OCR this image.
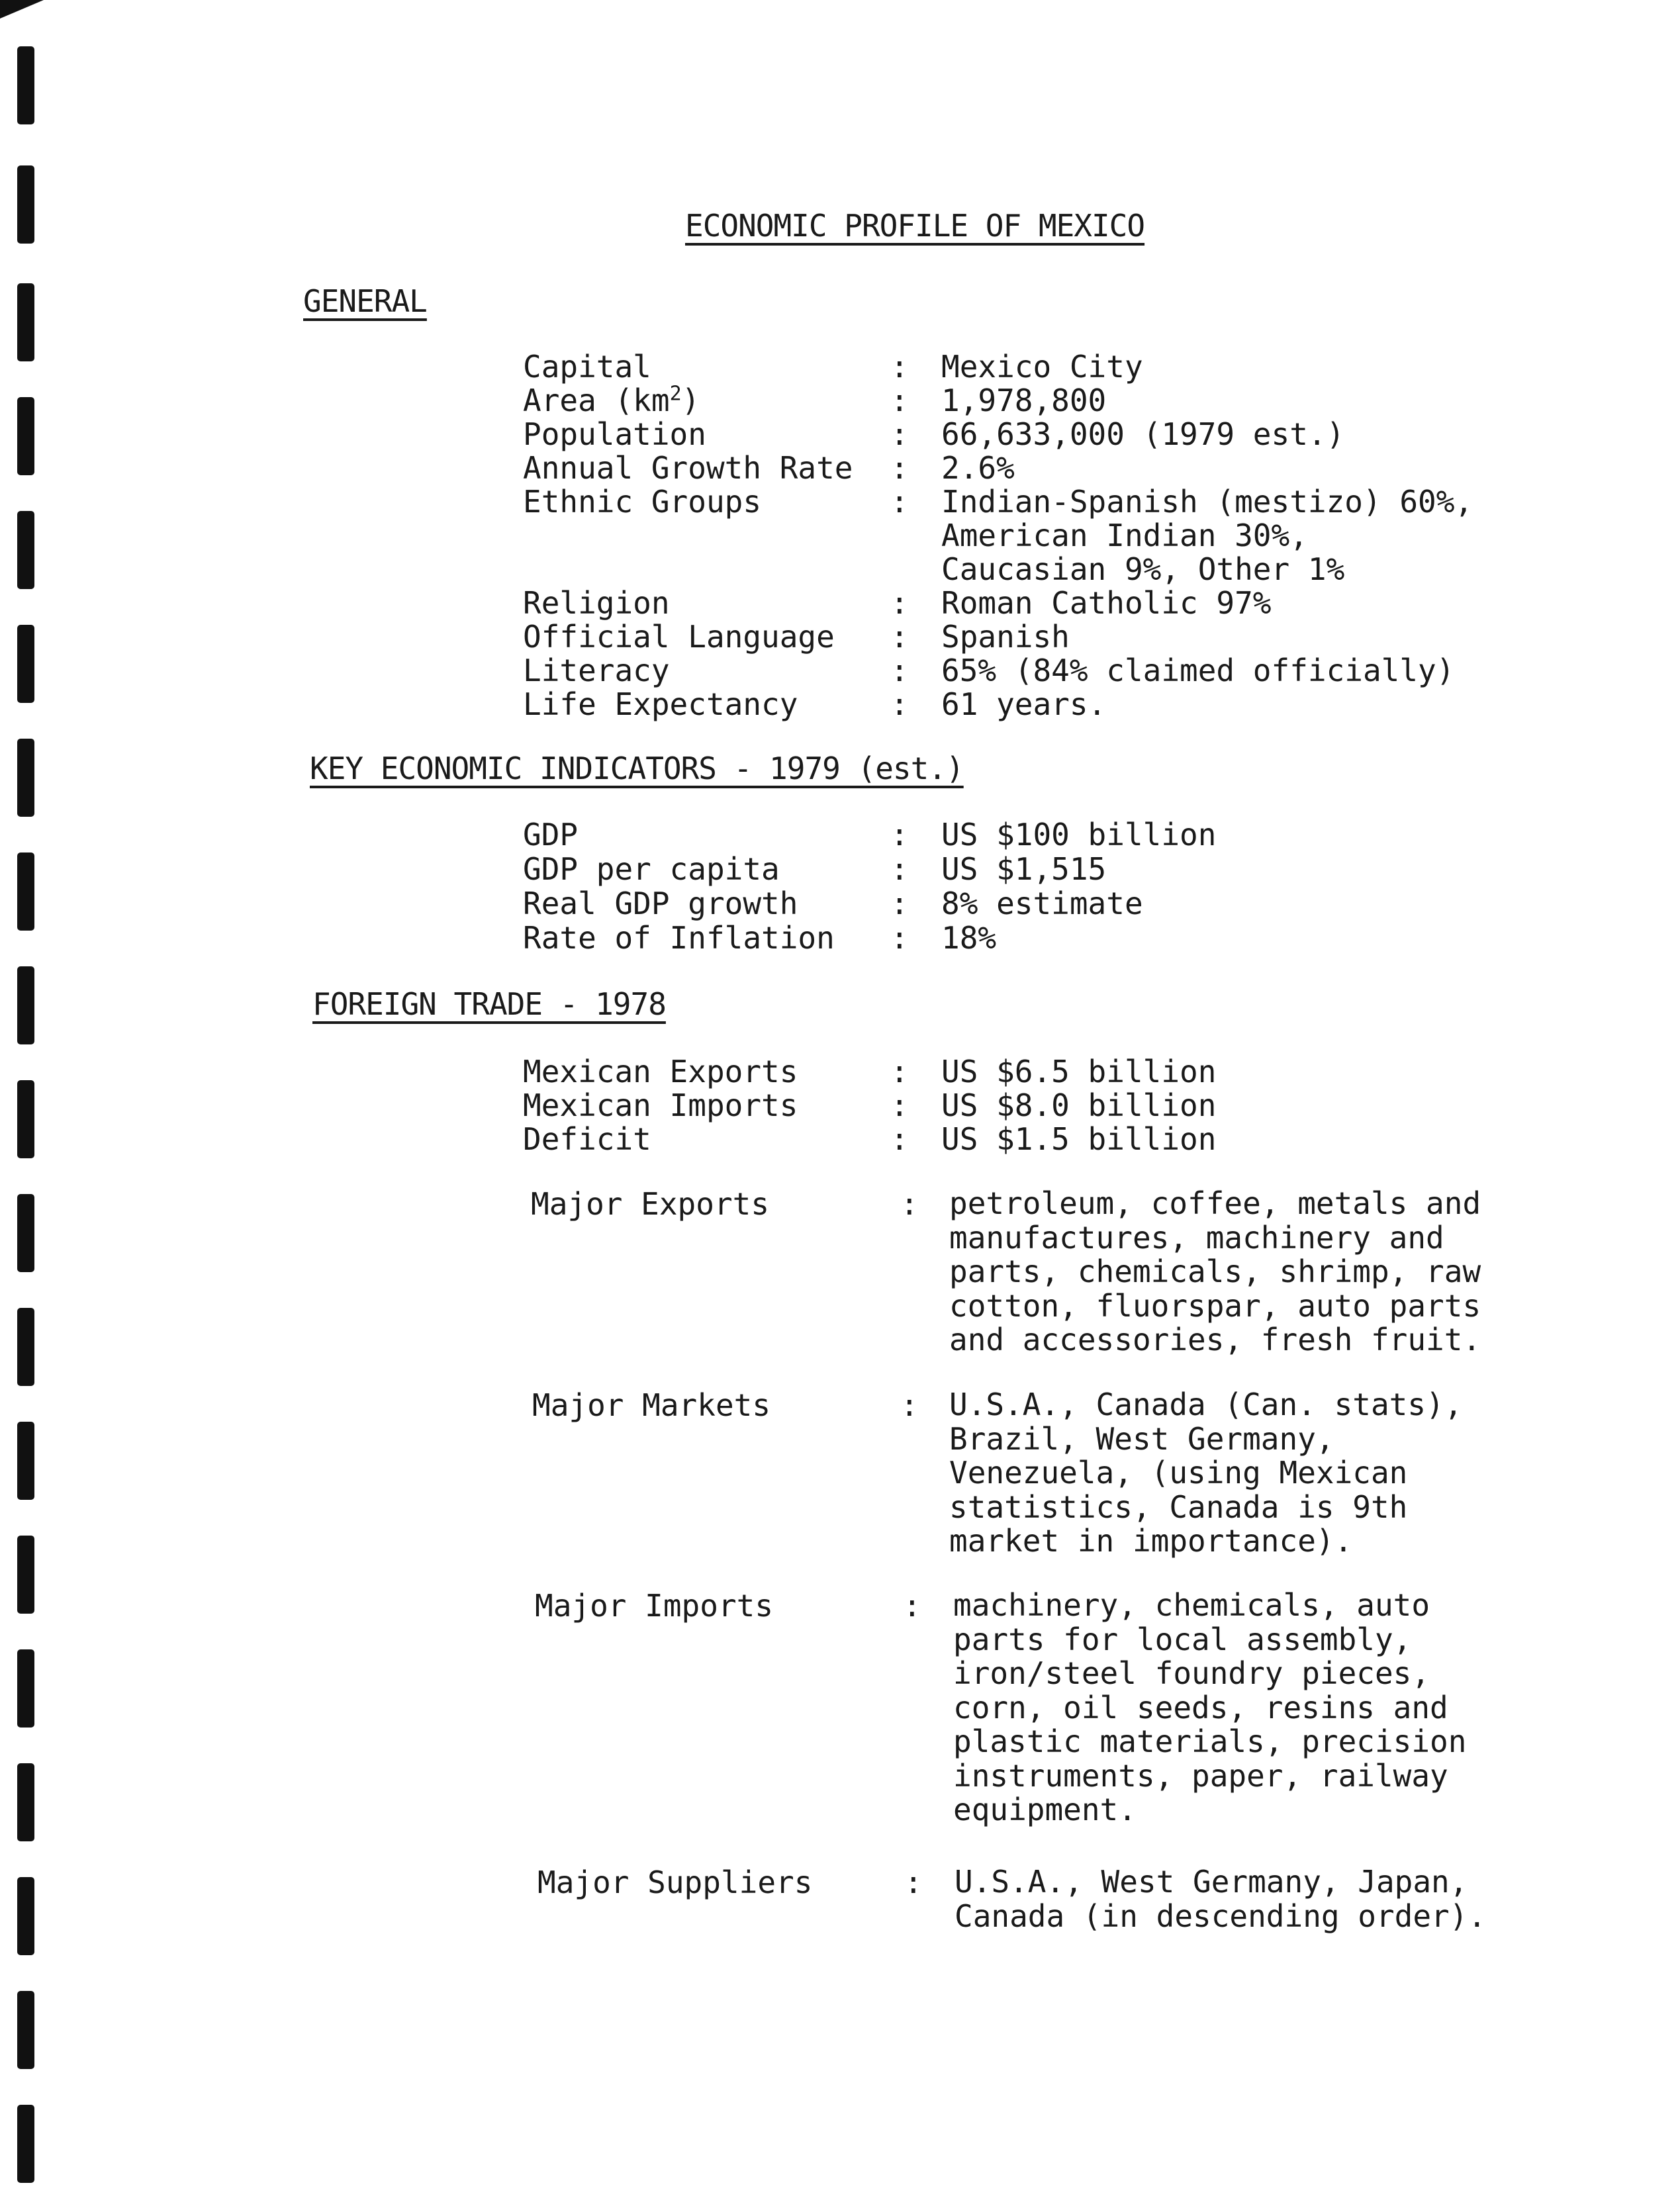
ECONOMIC PROFILE OF MEXICO
GENERAL
Capital	: Mexico City
Area $(km^2)$	: 1,978,800
Population	: 66,633,000 (1979 est.)
Annual Growth Rate : 2.6%
Ethnic Groups	: Indian-Spanish (mestizo) 60%,
American Indian 30%,
Caucasian 9%, Other 1%
Religion	: Roman Catholic 97%
Official Language : Spanish
Literacy	: 65% (84% claimed officially)
Life Expectancy	: 61 years.
KEY ECONOMIC INDICATORS - 1979 (est.)
GDP	: US $100 billion
GDP per capita	: US $1,515
Real GDP growth	: 8% estimate
Rate of Inflation : 18%
FOREIGN TRADE - 1978
Mexican Exports	: US $6.5 billion
Mexican Imports	: US $8.0 billion
Deficit	: US $1.5 billion
Major Exports	: petroleum, coffee, metals and
manufactures, machinery and
parts, chemicals, shrimp, raw
cotton, fluorspar, auto parts
and accessories, fresh fruit.
Major Markets	: U.S.A., Canada (Can. stats),
Brazil, West Germany,
Venezuela, (using Mexican
statistics, Canada is 9th
market in importance).
Major Imports	: machinery, chemicals, auto
parts for local assembly,
iron/steel foundry pieces,
corn, oil seeds, resins and
plastic materials, precision
instruments, paper, railway
equipment.
Major Suppliers	: U.S.A., West Germany, Japan,
Canada (in descending order).
